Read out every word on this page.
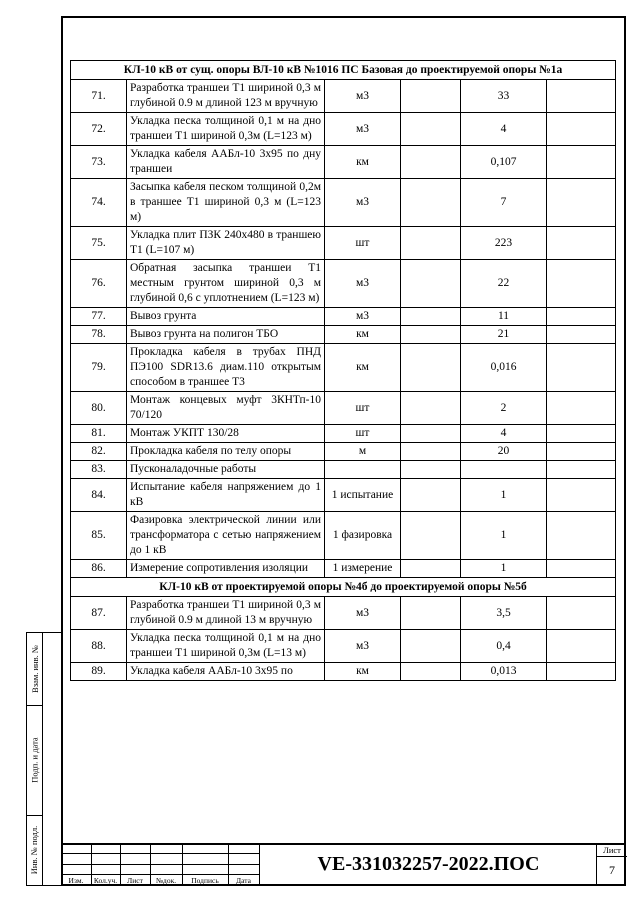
Взам. инв. №
Подп. и дата
Инв. № подл.
КЛ-10 кВ от сущ. опоры ВЛ-10 кВ №1016 ПС Базовая до проектируемой опоры №1а					
71.	Разработка траншеи Т1 шириной 0,3 м глубиной 0.9 м длиной 123 м вручную	м3		33	
72.	Укладка песка толщиной 0,1 м на дно траншеи Т1 шириной 0,3м (L=123 м)	м3		4	
73.	Укладка кабеля ААБл-10 3х95 по дну траншеи	км		0,107	
74.	Засыпка кабеля песком толщиной 0,2м в траншее Т1 шириной 0,3 м (L=123 м)	м3		7	
75.	Укладка плит ПЗК 240х480 в траншею Т1 (L=107 м)	шт		223	
76.	Обратная засыпка траншеи Т1 местным грунтом шириной 0,3 м глубиной 0,6 с уплотнением (L=123 м)	м3		22	
77.	Вывоз грунта	м3		11	
78.	Вывоз грунта на полигон ТБО	км		21	
79.	Прокладка кабеля в трубах ПНД ПЭ100 SDR13.6 диам.110 открытым способом в траншее Т3	км		0,016	
80.	Монтаж концевых муфт 3КНТп-10 70/120	шт		2	
81.	Монтаж УКПТ 130/28	шт		4	
82.	Прокладка кабеля по телу опоры	м		20	
83.	Пусконаладочные работы				
84.	Испытание кабеля напряжением до 1 кВ	1 испытание		1	
85.	Фазировка электрической линии или трансформатора с сетью напряжением до 1 кВ	1 фазировка		1	
86.	Измерение сопротивления изоляции	1 измерение		1	
КЛ-10 кВ от проектируемой опоры №4б до проектируемой опоры №5б					
87.	Разработка траншеи Т1 шириной 0,3 м глубиной 0.9 м длиной 13 м вручную	м3		3,5	
88.	Укладка песка толщиной 0,1 м на дно траншеи Т1 шириной 0,3м (L=13 м)	м3		0,4	
89.	Укладка кабеля ААБл-10 3х95 по	км		0,013	
Изм.	Кол.уч.	Лист	№док.	Подпись	Дата
VE-331032257-2022.ПОС
Лист
7
